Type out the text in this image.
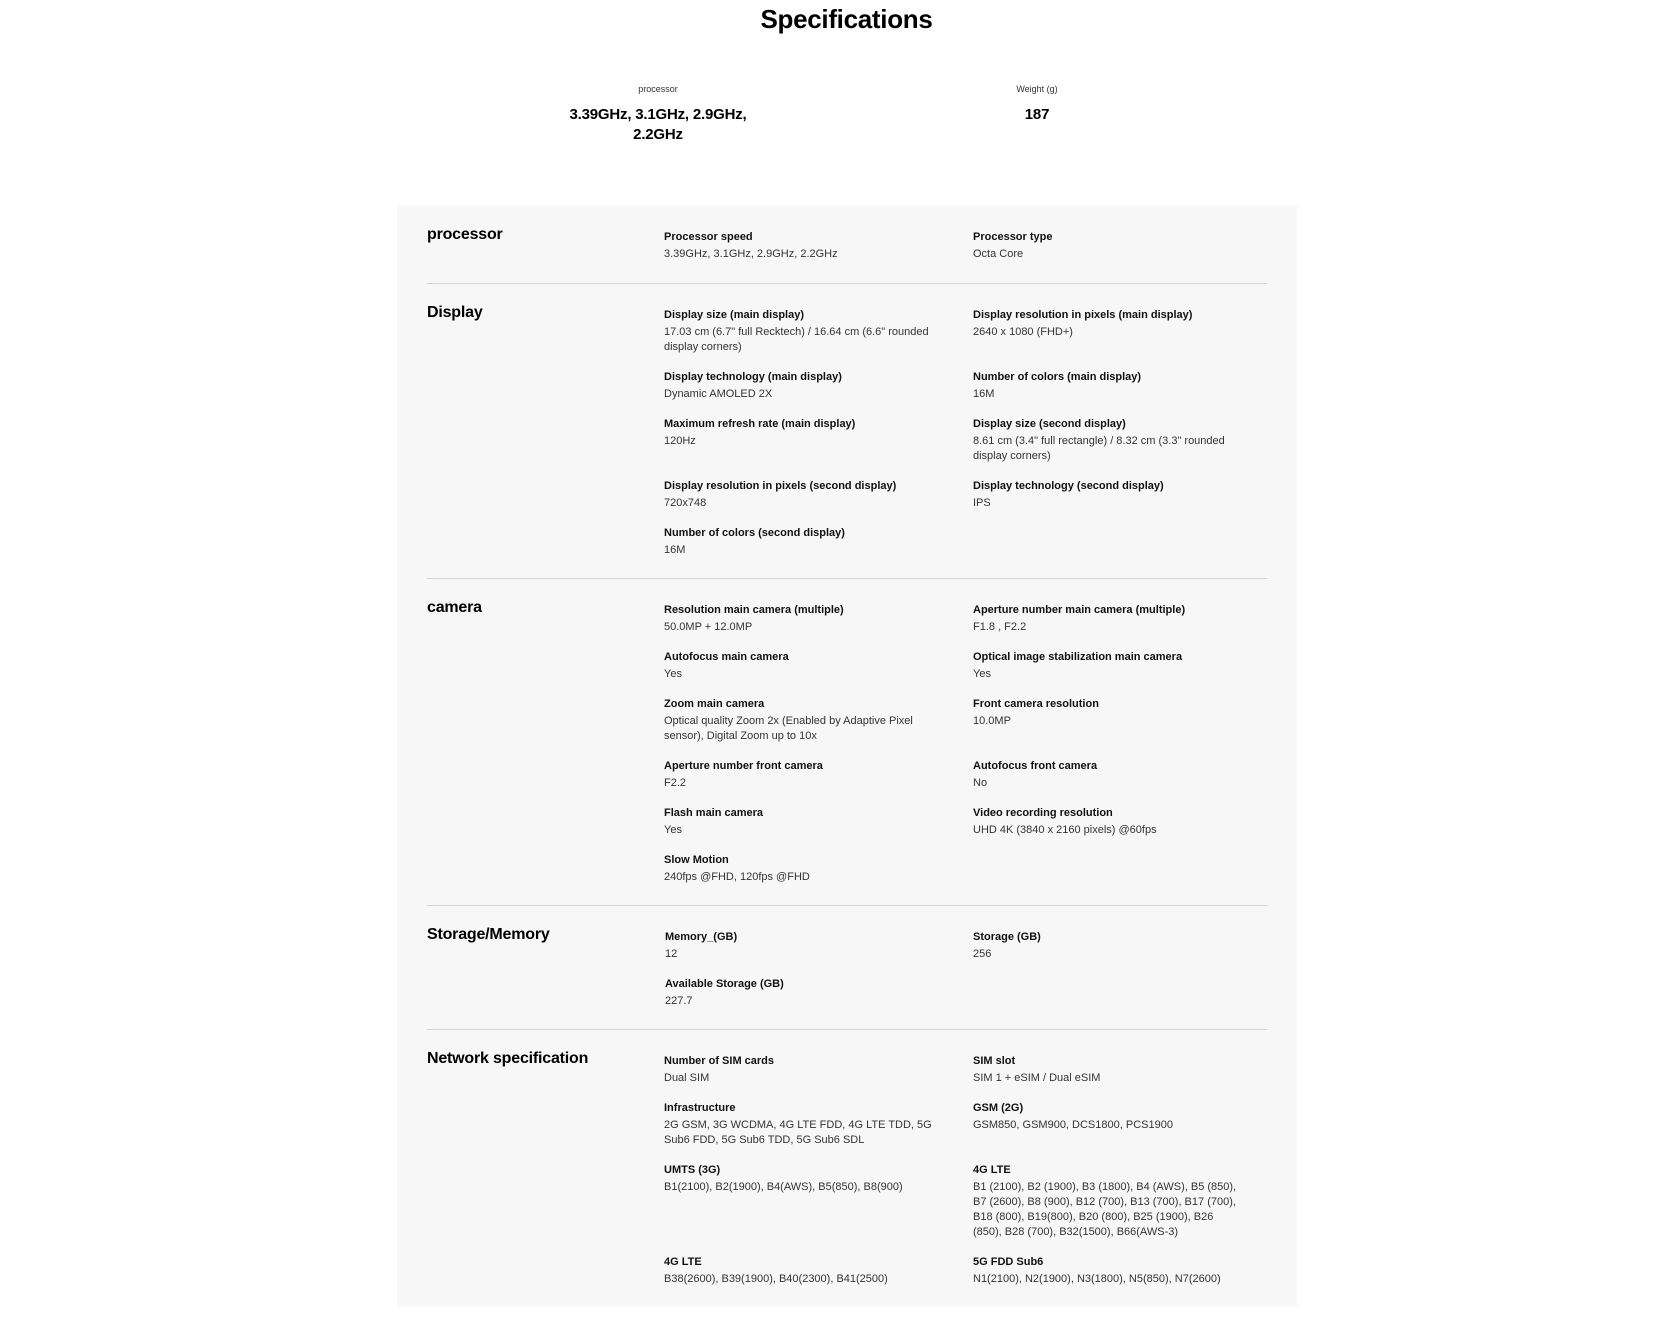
Specifications
processor
3.39GHz, 3.1GHz, 2.9GHz, 2.2GHz
Weight (g)
187
processor	Processor speed
3.39GHz, 3.1GHz, 2.9GHz, 2.2GHz
Processor type
Octa Core
Display	Display size (main display)
17.03 cm (6.7" full Recktech) / 16.64 cm (6.6" rounded display corners)
Display resolution in pixels (main display)
2640 x 1080 (FHD+)
Display technology (main display)
Dynamic AMOLED 2X
Number of colors (main display)
16M
Maximum refresh rate (main display)
120Hz
Display size (second display)
8.61 cm (3.4" full rectangle) / 8.32 cm (3.3" rounded display corners)
Display resolution in pixels (second display)
720x748
Display technology (second display)
IPS
Number of colors (second display)
16M
camera	Resolution main camera (multiple)
50.0MP + 12.0MP
Aperture number main camera (multiple)
F1.8 , F2.2
Autofocus main camera
Yes
Optical image stabilization main camera
Yes
Zoom main camera
Optical quality Zoom 2x (Enabled by Adaptive Pixel sensor), Digital Zoom up to 10x
Front camera resolution
10.0MP
Aperture number front camera
F2.2
Autofocus front camera
No
Flash main camera
Yes
Video recording resolution
UHD 4K (3840 x 2160 pixels) @60fps
Slow Motion
240fps @FHD, 120fps @FHD
Storage/Memory	Memory_(GB)
12
Storage (GB)
256
Available Storage (GB)
227.7
Network specification	Number of SIM cards
Dual SIM
SIM slot
SIM 1 + eSIM / Dual eSIM
Infrastructure
2G GSM, 3G WCDMA, 4G LTE FDD, 4G LTE TDD, 5G Sub6 FDD, 5G Sub6 TDD, 5G Sub6 SDL
GSM (2G)
GSM850, GSM900, DCS1800, PCS1900
UMTS (3G)
B1(2100), B2(1900), B4(AWS), B5(850), B8(900)
4G LTE
B1 (2100), B2 (1900), B3 (1800), B4 (AWS), B5 (850), B7 (2600), B8 (900), B12 (700), B13 (700), B17 (700), B18 (800), B19(800), B20 (800), B25 (1900), B26 (850), B28 (700), B32(1500), B66(AWS-3)
4G LTE
B38(2600), B39(1900), B40(2300), B41(2500)
5G FDD Sub6
N1(2100), N2(1900), N3(1800), N5(850), N7(2600)
